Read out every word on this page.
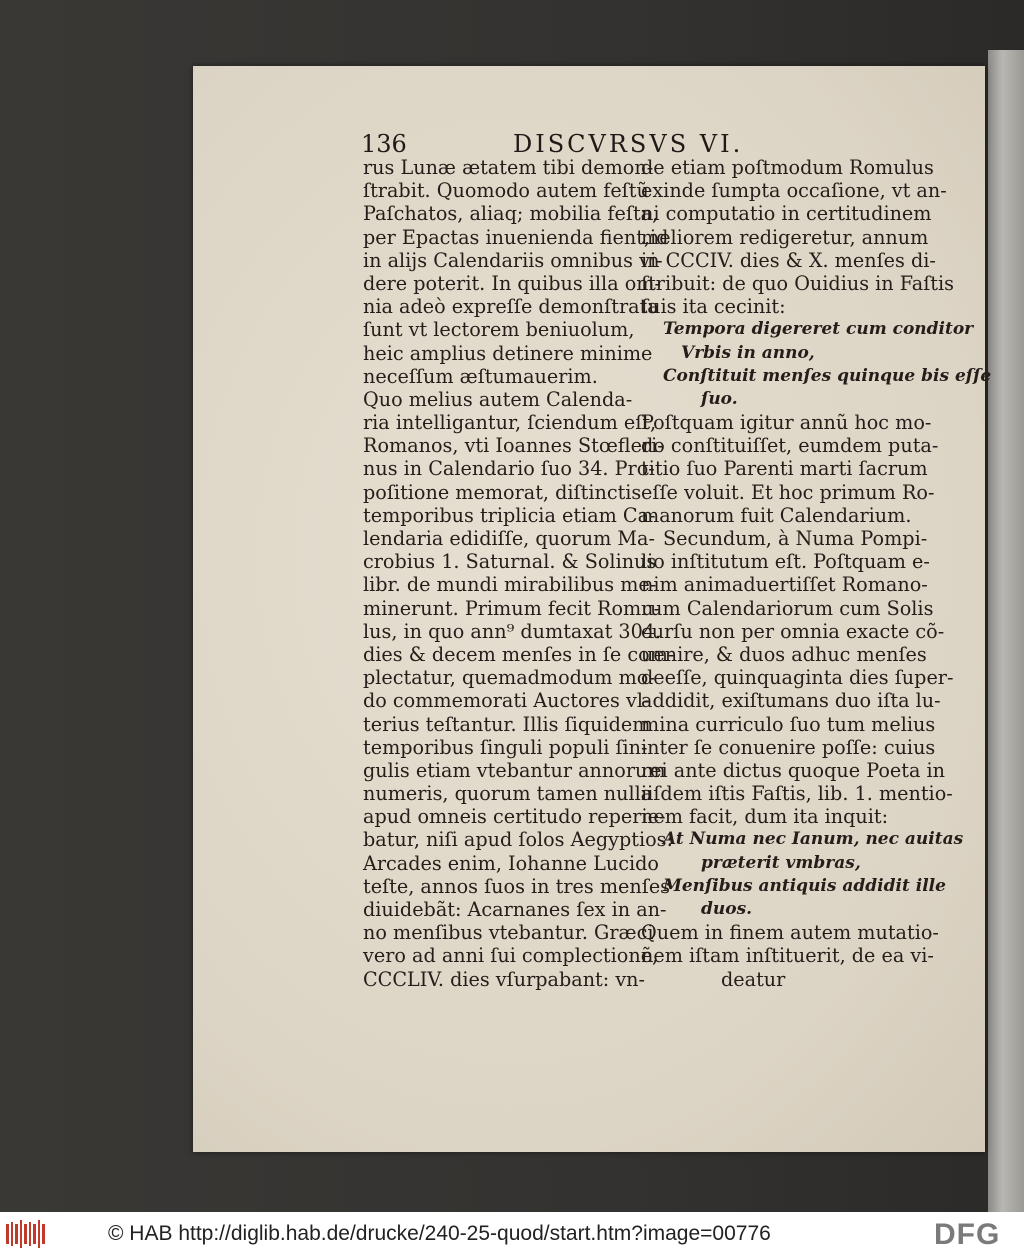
136	DISCVRSVS VI.
rus Lunæ ætatem tibi demon-
ſtrabit. Quomodo autem feſtũ
Paſchatos, aliaq; mobilia feſta,
per Epactas inuenienda fient,id
in alijs Calendariis omnibus vi-
dere poterit. In quibus illa om-
nia adeò expreſſe demonſtrata
ſunt vt lectorem beniuolum,
heic amplius detinere minime
neceſſum æſtumauerim.
Quo melius autem Calenda-
ria intelligantur, ſciendum eſt,
Romanos, vti Ioannes Stœfleri-
nus in Calendario ſuo 34. Pro-
poſitione memorat, diſtinctis
temporibus triplicia etiam Ca-
lendaria edidiſſe, quorum Ma-
crobius 1. Saturnal. & Solinus
libr. de mundi mirabilibus me-
minerunt. Primum fecit Romu-
lus, in quo ann⁹ dumtaxat 304.
dies & decem menſes in ſe com-
plectatur, quemadmodum mo-
do commemorati Auctores vl-
terius teſtantur. Illis ſiquidem
temporibus ſinguli populi ſin-
gulis etiam vtebantur annorum
numeris, quorum tamen nulla
apud omneis certitudo reperie-
batur, niſi apud ſolos Aegyptios:
Arcades enim, Iohanne Lucido
teſte, annos ſuos in tres menſes
diuidebãt: Acarnanes ſex in an-
no menſibus vtebantur. Græci
vero ad anni ſui complectionẽ,
CCCLIV. dies vſurpabant: vn-
de etiam poſtmodum Romulus
exinde ſumpta occaſione, vt an-
ni computatio in certitudinem
meliorem redigeretur, annum
in CCCIV. dies & X. menſes di-
ſtribuit: de quo Ouidius in Faſtis
ſuis ita cecinit:
Tempora digereret cum conditor
Vrbis in anno,
Conſtituit menſes quinque bis eſſe
ſuo.
Poſtquam igitur annũ hoc mo-
do conſtituiſſet, eumdem puta-
titio ſuo Parenti marti ſacrum
eſſe voluit. Et hoc primum Ro-
manorum fuit Calendarium.
Secundum, à Numa Pompi-
lio inſtitutum eſt. Poſtquam e-
nim animaduertiſſet Romano-
rum Calendariorum cum Solis
curſu non per omnia exacte cõ-
uenire, & duos adhuc menſes
deeſſe, quinquaginta dies ſuper-
addidit, exiſtumans duo iſta lu-
mina curriculo ſuo tum melius
inter ſe conuenire poſſe: cuius
rei ante dictus quoque Poeta in
iiſdem iſtis Faſtis, lib. 1. mentio-
nem facit, dum ita inquit:
At Numa nec Ianum, nec auitas
præterit vmbras,
Menſibus antiquis addidit ille
duos.
Quem in finem autem mutatio-
nem iſtam inſtituerit, de ea vi-
deatur
© HAB http://diglib.hab.de/drucke/240-25-quod/start.htm?image=00776	DFG
